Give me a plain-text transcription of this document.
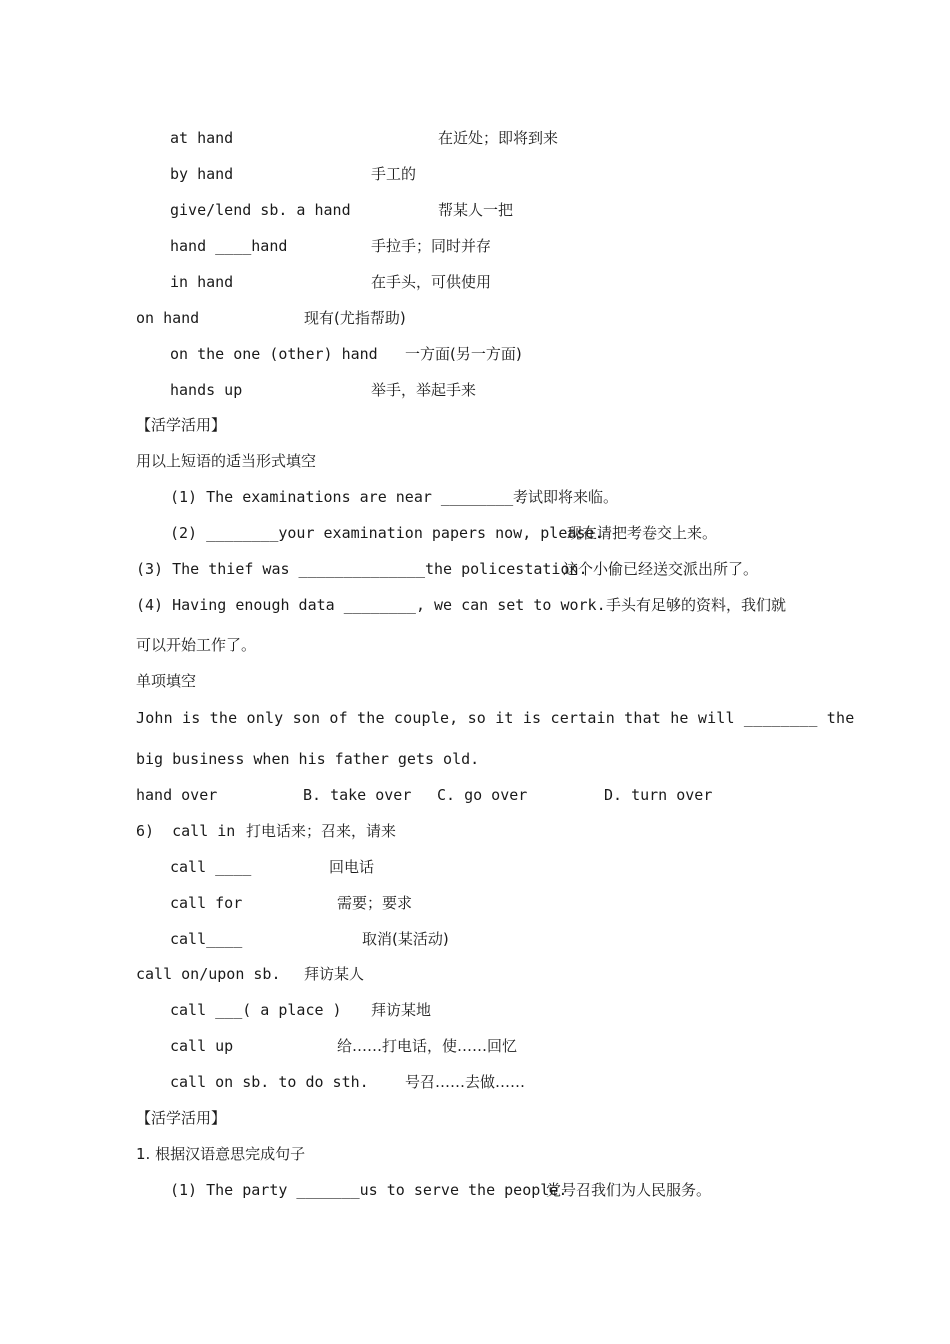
at hand	在近处；即将到来
by hand	手工的
give/lend sb. a hand	帮某人一把
hand ____hand	手拉手；同时并存
in hand	在手头，可供使用
on hand	现有(尤指帮助)
on the one (other) hand 一方面(另一方面)
hands up	举手，举起手来
【活学活用】
用以上短语的适当形式填空
(1) The examinations are near ________.
考试即将来临。
(2) ________your examination papers now, please.
现在请把考卷交上来。
(3) The thief was ______________the policestation.
这个小偷已经送交派出所了。
(4) Having enough data ________, we can set to work. 手头有足够的资料，我们就
可以开始工作了。
单项填空
John is the only son of the couple, so it is certain that he will ________ the
big business when his father gets old.
hand over	B. take over C. go over	D. turn over
6)  call in 打电话来；召来，请来
call ____	回电话
call for	需要；要求
call____	取消(某活动)
call on/upon sb. 拜访某人
call ___( a place ) 拜访某地
call up	给……打电话，使……回忆
call on sb. to do sth. 号召……去做……
【活学活用】
1. 根据汉语意思完成句子
(1) The party _______us to serve the people.
党号召我们为人民服务。
